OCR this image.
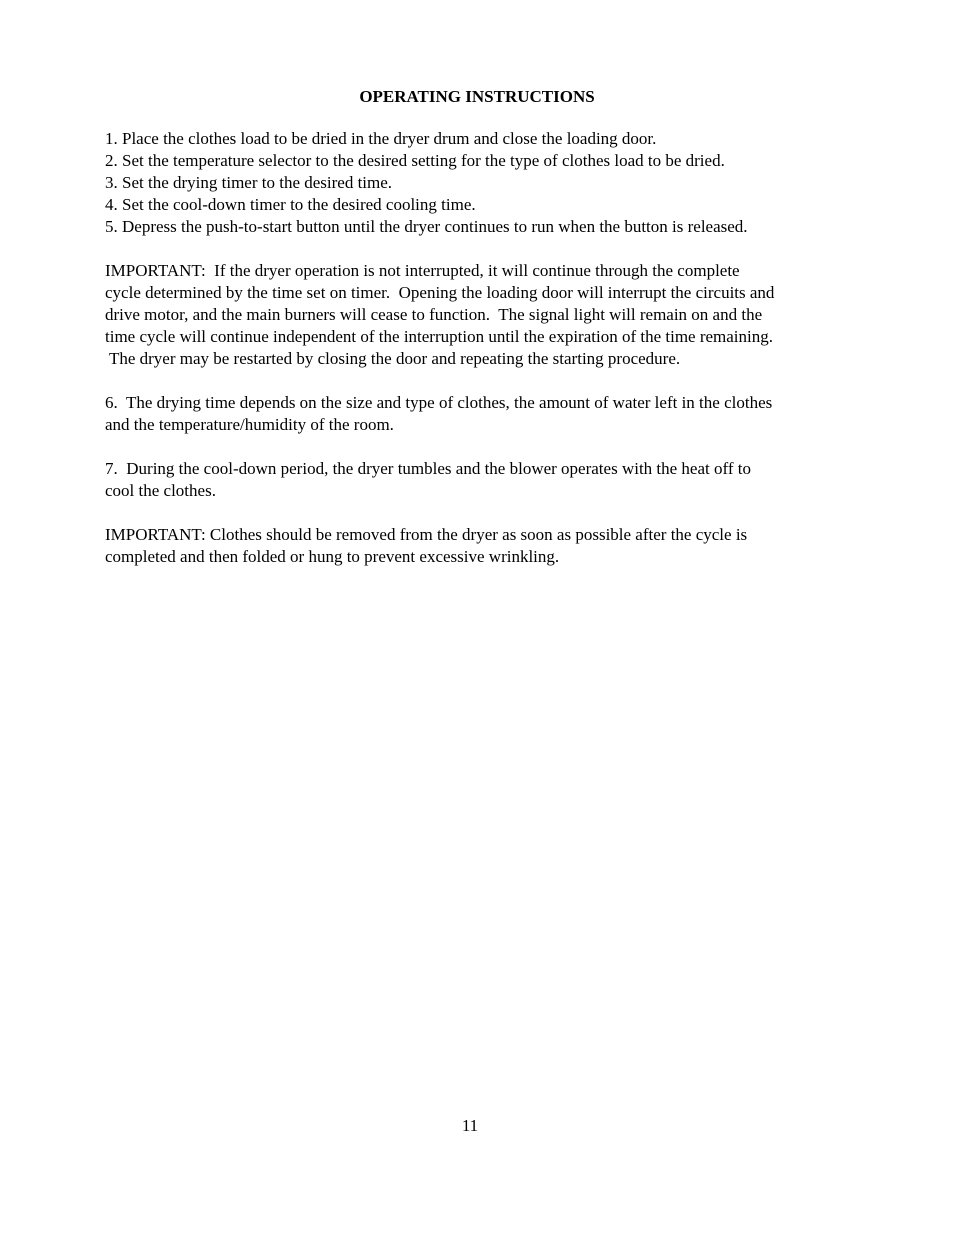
OPERATING INSTRUCTIONS
1. Place the clothes load to be dried in the dryer drum and close the loading door.
2. Set the temperature selector to the desired setting for the type of clothes load to be dried.
3. Set the drying timer to the desired time.
4. Set the cool-down timer to the desired cooling time.
5. Depress the push-to-start button until the dryer continues to run when the button is released.
IMPORTANT:  If the dryer operation is not interrupted, it will continue through the complete
cycle determined by the time set on timer.  Opening the loading door will interrupt the circuits and
drive motor, and the main burners will cease to function.  The signal light will remain on and the
time cycle will continue independent of the interruption until the expiration of the time remaining.
The dryer may be restarted by closing the door and repeating the starting procedure.
6.  The drying time depends on the size and type of clothes, the amount of water left in the clothes
and the temperature/humidity of the room.
7.  During the cool-down period, the dryer tumbles and the blower operates with the heat off to
cool the clothes.
IMPORTANT: Clothes should be removed from the dryer as soon as possible after the cycle is
completed and then folded or hung to prevent excessive wrinkling.
11
